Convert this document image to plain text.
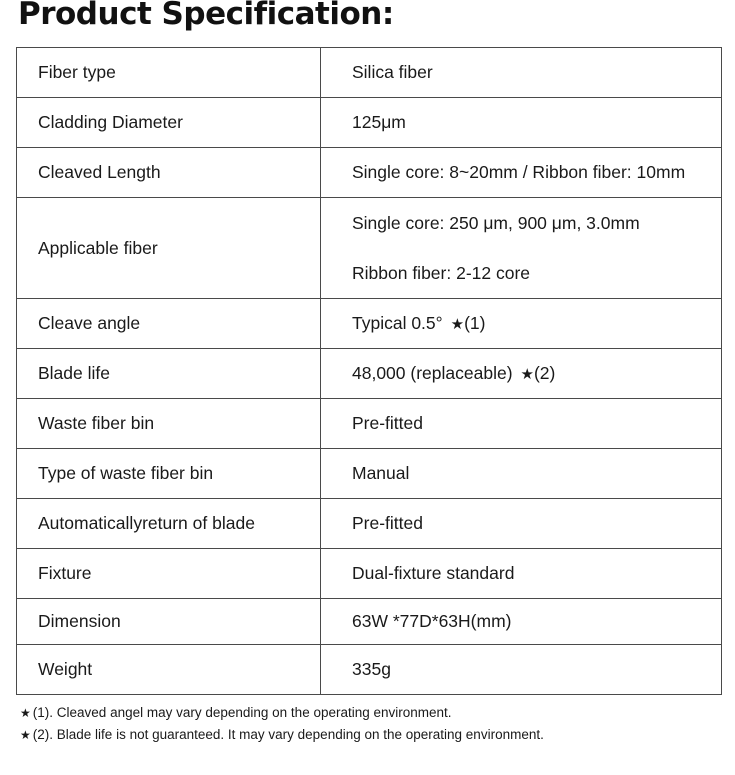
Product Specification:
Fiber type	Silica fiber
Cladding Diameter	125μm
Cleaved Length	Single core: 8~20mm / Ribbon fiber: 10mm
Applicable fiber	Single core: 250 μm, 900 μm, 3.0mm
Ribbon fiber: 2-12 core

Cleave angle	Typical 0.5° ★(1)
Blade life	48,000 (replaceable) ★(2)
Waste fiber bin	Pre-fitted
Type of waste fiber bin	Manual
Automaticallyreturn of blade	Pre-fitted
Fixture	Dual-fixture standard
Dimension	63W *77D*63H(mm)
Weight	335g
★ (1). Cleaved angel may vary depending on the operating environment.
★ (2). Blade life is not guaranteed. It may vary depending on the operating environment.
